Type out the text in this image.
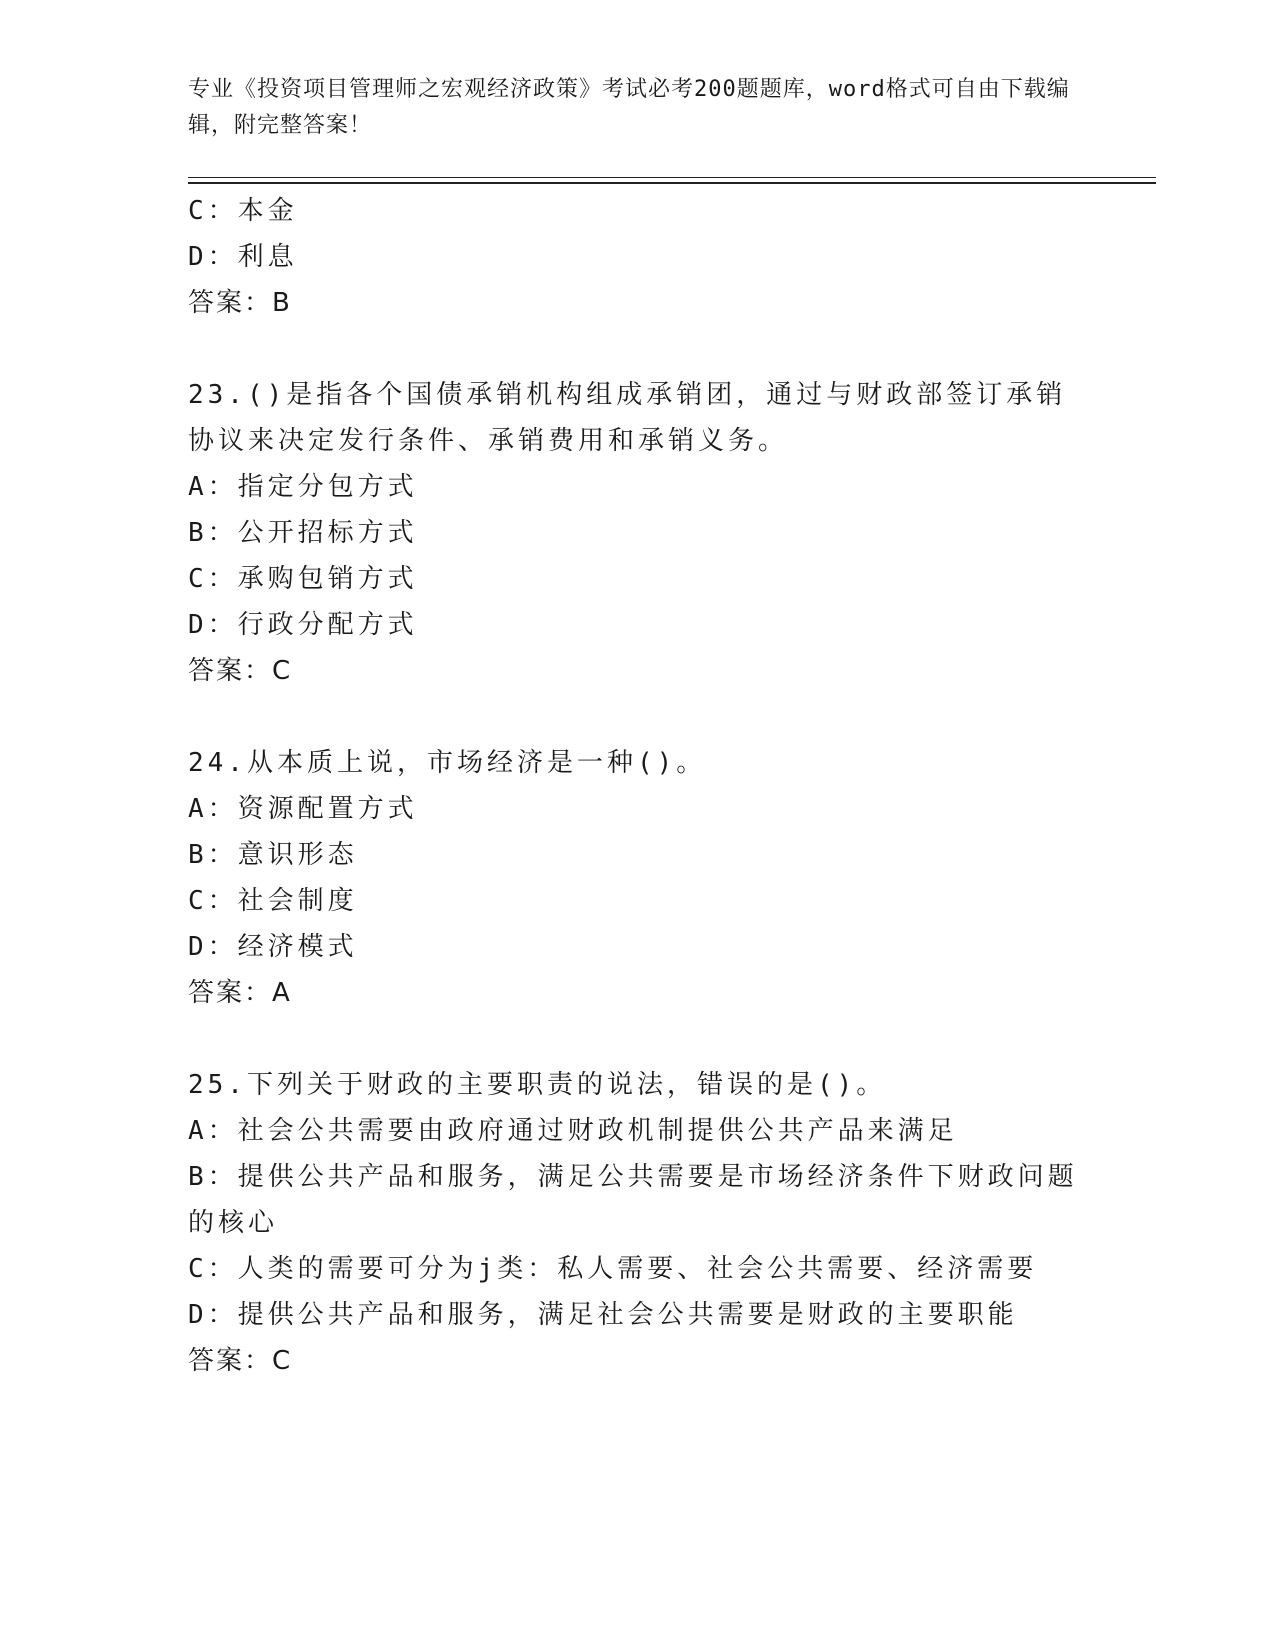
专业《投资项目管理师之宏观经济政策》考试必考200题题库，word格式可自由下载编辑，附完整答案！
C：本金
D：利息
答案：B
23.()是指各个国债承销机构组成承销团，通过与财政部签订承销协议来决定发行条件、承销费用和承销义务。
A：指定分包方式
B：公开招标方式
C：承购包销方式
D：行政分配方式
答案：C
24.从本质上说，市场经济是一种()。
A：资源配置方式
B：意识形态
C：社会制度
D：经济模式
答案：A
25.下列关于财政的主要职责的说法，错误的是()。
A：社会公共需要由政府通过财政机制提供公共产品来满足
B：提供公共产品和服务，满足公共需要是市场经济条件下财政问题的核心
C：人类的需要可分为j类：私人需要、社会公共需要、经济需要
D：提供公共产品和服务，满足社会公共需要是财政的主要职能
答案：C
